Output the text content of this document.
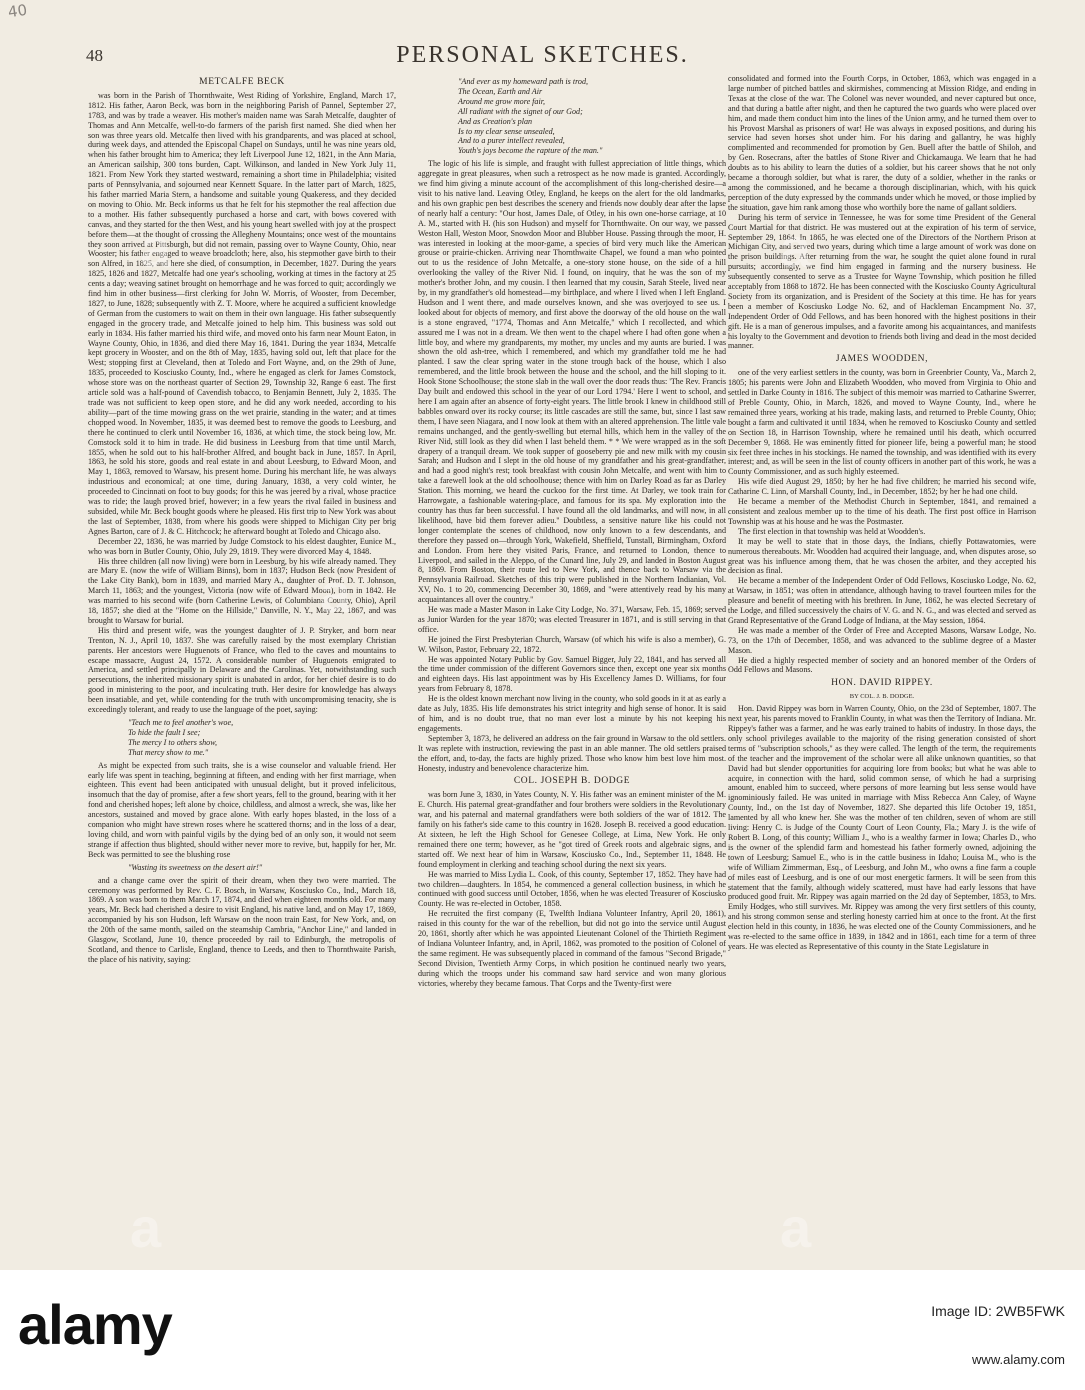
40
48	PERSONAL SKETCHES.
METCALFE BECK

was born in the Parish of Thornthwaite, West Riding of Yorkshire, England, March 17, 1812. His father, Aaron Beck, was born in the neighboring Parish of Pannel, September 27, 1783, and was by trade a weaver. His mother's maiden name was Sarah Metcalfe, daughter of Thomas and Ann Metcalfe, well-to-do farmers of the parish first named. She died when her son was three years old. Metcalfe then lived with his grandparents, and was placed at school, during week days, and attended the Episcopal Chapel on Sundays, until he was nine years old, when his father brought him to America; they left Liverpool June 12, 1821, in the Ann Maria, an American sailship, 300 tons burden, Capt. Wilkinson, and landed in New York July 11, 1821. From New York they started westward, remaining a short time in Philadelphia; visited parts of Pennsylvania, and sojourned near Kennett Square. In the latter part of March, 1825, his father married Maria Stern, a handsome and suitable young Quakeress, and they decided on moving to Ohio. Mr. Beck informs us that he felt for his stepmother the real affection due to a mother. His father subsequently purchased a horse and cart, with bows covered with canvas, and they started for the then West, and his young heart swelled with joy at the prospect before them—at the thought of crossing the Allegheny Mountains; once west of the mountains they soon arrived at Pittsburgh, but did not remain, passing over to Wayne County, Ohio, near Wooster; his father engaged to weave broadcloth; here, also, his stepmother gave birth to their son Alfred, in 1825, and here she died, of consumption, in December, 1827. During the years 1825, 1826 and 1827, Metcalfe had one year's schooling, working at times in the factory at 25 cents a day; weaving satinet brought on hemorrhage and he was forced to quit; accordingly we find him in other business—first clerking for John W. Morris, of Wooster, from December, 1827, to June, 1828; subsequently with Z. T. Moore, where he acquired a sufficient knowledge of German from the customers to wait on them in their own language. His father subsequently engaged in the grocery trade, and Metcalfe joined to help him. This business was sold out early in 1834. His father married his third wife, and moved onto his farm near Mount Eaton, in Wayne County, Ohio, in 1836, and died there May 16, 1841. During the year 1834, Metcalfe kept grocery in Wooster, and on the 8th of May, 1835, having sold out, left that place for the West; stopping first at Cleveland, then at Toledo and Fort Wayne, and, on the 29th of June, 1835, proceeded to Kosciusko County, Ind., where he engaged as clerk for James Comstock, whose store was on the northeast quarter of Section 29, Township 32, Range 6 east. The first article sold was a half-pound of Cavendish tobacco, to Benjamin Bennett, July 2, 1835. The trade was not sufficient to keep open store, and he did any work needed, according to his ability—part of the time mowing grass on the wet prairie, standing in the water; and at times chopped wood. In November, 1835, it was deemed best to remove the goods to Leesburg, and there he continued to clerk until November 16, 1836, at which time, the stock being low, Mr. Comstock sold it to him in trade. He did business in Leesburg from that time until March, 1855, when he sold out to his half-brother Alfred, and bought back in June, 1857. In April, 1863, he sold his store, goods and real estate in and about Leesburg, to Edward Moon, and May 1, 1863, removed to Warsaw, his present home. During his merchant life, he was always industrious and economical; at one time, during January, 1838, a very cold winter, he proceeded to Cincinnati on foot to buy goods; for this he was jeered by a rival, whose practice was to ride; the laugh proved brief, however; in a few years the rival failed in business and subsided, while Mr. Beck bought goods where he pleased. His first trip to New York was about the last of September, 1838, from where his goods were shipped to Michigan City per brig Agnes Barton, care of J. & C. Hitchcock; he afterward bought at Toledo and Chicago also.

December 22, 1836, he was married by Judge Comstock to his eldest daughter, Eunice M., who was born in Butler County, Ohio, July 29, 1819. They were divorced May 4, 1848.

His three children (all now living) were born in Leesburg, by his wife already named. They are Mary E. (now the wife of William Binns), born in 1837; Hudson Beck (now President of the Lake City Bank), born in 1839, and married Mary A., daughter of Prof. D. T. Johnson, March 11, 1863; and the youngest, Victoria (now wife of Edward Moon), born in 1842. He was married to his second wife (born Catherine Lewis, of Columbiana County, Ohio), April 18, 1857; she died at the "Home on the Hillside," Danville, N. Y., May 22, 1867, and was brought to Warsaw for burial.

His third and present wife, was the youngest daughter of J. P. Stryker, and born near Trenton, N. J., April 10, 1837. She was carefully raised by the most exemplary Christian parents. Her ancestors were Huguenots of France, who fled to the caves and mountains to escape massacre, August 24, 1572. A considerable number of Huguenots emigrated to America, and settled principally in Delaware and the Carolinas. Yet, notwithstanding such persecutions, the inherited missionary spirit is unabated in ardor, for her chief desire is to do good in ministering to the poor, and inculcating truth. Her desire for knowledge has always been insatiable, and yet, while contending for the truth with uncompromising tenacity, she is exceedingly tolerant, and ready to use the language of the poet, saying:

"Teach me to feel another's woe,
To hide the fault I see;
The mercy I to others show,
That mercy show to me."

As might be expected from such traits, she is a wise counselor and valuable friend. Her early life was spent in teaching, beginning at fifteen, and ending with her first marriage, when eighteen. This event had been anticipated with unusual delight, but it proved infelicitous, insomuch that the day of promise, after a few short years, fell to the ground, bearing with it her fond and cherished hopes; left alone by choice, childless, and almost a wreck, she was, like her ancestors, sustained and moved by grace alone. With early hopes blasted, in the loss of a companion who might have strewn roses where he scattered thorns; and in the loss of a dear, loving child, and worn with painful vigils by the dying bed of an only son, it would not seem strange if affection thus blighted, should wither never more to revive, but, happily for her, Mr. Beck was permitted to see the blushing rose

"Wasting its sweetness on the desert air!"

and a change came over the spirit of their dream, when they two were married. The ceremony was performed by Rev. C. F. Bosch, in Warsaw, Kosciusko Co., Ind., March 18, 1869. A son was born to them March 17, 1874, and died when eighteen months old. For many years, Mr. Beck had cherished a desire to visit England, his native land, and on May 17, 1869, accompanied by his son Hudson, left Warsaw on the noon train East, for New York, and, on the 20th of the same month, sailed on the steamship Cambria, "Anchor Line," and landed in Glasgow, Scotland, June 10, thence proceeded by rail to Edinburgh, the metropolis of Scotland, and thence to Carlisle, England, thence to Leeds, and then to Thornthwaite Parish, the place of his nativity, saying:

"And ever as my homeward path is trod,
The Ocean, Earth and Air
Around me grow more fair,
All radiant with the signet of our God;
And as Creation's plan
Is to my clear sense unsealed,
And to a purer intellect revealed,
Youth's joys become the rapture of the man."

The logic of his life is simple, and fraught with fullest appreciation of little things, which aggregate in great pleasures, when such a retrospect as he now made is granted. Accordingly, we find him giving a minute account of the accomplishment of this long-cherished desire—a visit to his native land. Leaving Otley, England, he keeps on the alert for the old landmarks, and his own graphic pen best describes the scenery and friends now doubly dear after the lapse of nearly half a century: "Our host, James Dale, of Otley, in his own one-horse carriage, at 10 A. M., started with H. (his son Hudson) and myself for Thornthwaite. On our way, we passed Weston Hall, Weston Moor, Snowdon Moor and Blubber House. Passing through the moor, H. was interested in looking at the moor-game, a species of bird very much like the American grouse or prairie-chicken. Arriving near Thornthwaite Chapel, we found a man who pointed out to us the residence of John Metcalfe, a one-story stone house, on the side of a hill overlooking the valley of the River Nid. I found, on inquiry, that he was the son of my mother's brother John, and my cousin. I then learned that my cousin, Sarah Steele, lived near by, in my grandfather's old homestead—my birthplace, and where I lived when I left England. Hudson and I went there, and made ourselves known, and she was overjoyed to see us. I looked about for objects of memory, and first above the doorway of the old house on the wall is a stone engraved, "1774, Thomas and Ann Metcalfe," which I recollected, and which assured me I was not in a dream. We then went to the chapel where I had often gone when a little boy, and where my grandparents, my mother, my uncles and my aunts are buried. I was shown the old ash-tree, which I remembered, and which my grandfather told me he had planted. I saw the clear spring water in the stone trough back of the house, which I also remembered, and the little brook between the house and the school, and the hill sloping to it. Hook Stone Schoolhouse; the stone slab in the wall over the door reads thus: 'The Rev. Francis Day built and endowed this school in the year of our Lord 1794.' Here I went to school, and here I am again after an absence of forty-eight years. The little brook I knew in childhood still babbles onward over its rocky course; its little cascades are still the same, but, since I last saw them, I have seen Niagara, and I now look at them with an altered apprehension. The little vale remains unchanged, and the gently-swelling but eternal hills, which hem in the valley of the River Nid, still look as they did when I last beheld them. * * We were wrapped as in the soft drapery of a tranquil dream. We took supper of gooseberry pie and new milk with my cousin Sarah; and Hudson and I slept in the old house of my grandfather and his great-grandfather, and had a good night's rest; took breakfast with cousin John Metcalfe, and went with him to take a farewell look at the old schoolhouse; thence with him on Darley Road as far as Darley Station. This morning, we heard the cuckoo for the first time. At Darley, we took train for Harrowgate, a fashionable watering-place, and famous for its spa. My exploration into the country has thus far been successful. I have found all the old landmarks, and will now, in all likelihood, have bid them forever adieu." Doubtless, a sensitive nature like his could not longer contemplate the scenes of childhood, now only known to a few descendants, and therefore they passed on—through York, Wakefield, Sheffield, Tunstall, Birmingham, Oxford and London. From here they visited Paris, France, and returned to London, thence to Liverpool, and sailed in the Aleppo, of the Cunard line, July 29, and landed in Boston August 8, 1869. From Boston, their route led to New York, and thence back to Warsaw via the Pennsylvania Railroad. Sketches of this trip were published in the Northern Indianian, Vol. XV, No. 1 to 20, commencing December 30, 1869, and "were attentively read by his many acquaintances all over the country."

He was made a Master Mason in Lake City Lodge, No. 371, Warsaw, Feb. 15, 1869; served as Junior Warden for the year 1870; was elected Treasurer in 1871, and is still serving in that office.

He joined the First Presbyterian Church, Warsaw (of which his wife is also a member), G. W. Wilson, Pastor, February 22, 1872.

He was appointed Notary Public by Gov. Samuel Bigger, July 22, 1841, and has served all the time under commission of the different Governors since then, except one year six months and eighteen days. His last appointment was by His Excellency James D. Williams, for four years from February 8, 1878.

He is the oldest known merchant now living in the county, who sold goods in it at as early a date as July, 1835. His life demonstrates his strict integrity and high sense of honor. It is said of him, and is no doubt true, that no man ever lost a minute by his not keeping his engagements.

September 3, 1873, he delivered an address on the fair ground in Warsaw to the old settlers. It was replete with instruction, reviewing the past in an able manner. The old settlers praised the effort, and, to-day, the facts are highly prized. Those who know him best love him most. Honesty, industry and benevolence characterize him.

COL. JOSEPH B. DODGE

was born June 3, 1830, in Yates County, N. Y. His father was an eminent minister of the M. E. Church. His paternal great-grandfather and four brothers were soldiers in the Revolutionary war, and his paternal and maternal grandfathers were both soldiers of the war of 1812. The family on his father's side came to this country in 1628. Joseph B. received a good education. At sixteen, he left the High School for Genesee College, at Lima, New York. He only remained there one term; however, as he "got tired of Greek roots and algebraic signs, and started off. We next hear of him in Warsaw, Kosciusko Co., Ind., September 11, 1848. He found employment in clerking and teaching school during the next six years.

He was married to Miss Lydia L. Cook, of this county, September 17, 1852. They have had two children—daughters. In 1854, he commenced a general collection business, in which he continued with good success until October, 1856, when he was elected Treasurer of Kosciusko County. He was re-elected in October, 1858.

He recruited the first company (E, Twelfth Indiana Volunteer Infantry, April 20, 1861), raised in this county for the war of the rebellion, but did not go into the service until August 20, 1861, shortly after which he was appointed Lieutenant Colonel of the Thirtieth Regiment of Indiana Volunteer Infantry, and, in April, 1862, was promoted to the position of Colonel of the same regiment. He was subsequently placed in command of the famous "Second Brigade," Second Division, Twentieth Army Corps, in which position he continued nearly two years, during which the troops under his command saw hard service and won many glorious victories, whereby they became famous. That Corps and the Twenty-first were

consolidated and formed into the Fourth Corps, in October, 1863, which was engaged in a large number of pitched battles and skirmishes, commencing at Mission Ridge, and ending in Texas at the close of the war. The Colonel was never wounded, and never captured but once, and that during a battle after night, and then he captured the two guards who were placed over him, and made them conduct him into the lines of the Union army, and he turned them over to his Provost Marshal as prisoners of war! He was always in exposed positions, and during his service had seven horses shot under him. For his daring and gallantry, he was highly complimented and recommended for promotion by Gen. Buell after the battle of Shiloh, and by Gen. Rosecrans, after the battles of Stone River and Chickamauga. We learn that he had doubts as to his ability to learn the duties of a soldier, but his career shows that he not only became a thorough soldier, but what is rarer, the duty of a soldier, whether in the ranks or among the commissioned, and he became a thorough disciplinarian, which, with his quick perception of the duty expressed by the commands under which he moved, or those implied by the situation, gave him rank among those who worthily bore the name of gallant soldiers.

During his term of service in Tennessee, he was for some time President of the General Court Martial for that district. He was mustered out at the expiration of his term of service, September 29, 1864. In 1865, he was elected one of the Directors of the Northern Prison at Michigan City, and served two years, during which time a large amount of work was done on the prison buildings. After returning from the war, he sought the quiet alone found in rural pursuits; accordingly, we find him engaged in farming and the nursery business. He subsequently consented to serve as a Trustee for Wayne Township, which position he filled acceptably from 1868 to 1872. He has been connected with the Kosciusko County Agricultural Society from its organization, and is President of the Society at this time. He has for years been a member of Kosciusko Lodge No. 62, and of Hackleman Encampment No. 37, Independent Order of Odd Fellows, and has been honored with the highest positions in their gift. He is a man of generous impulses, and a favorite among his acquaintances, and manifests his loyalty to the Government and devotion to friends both living and dead in the most decided manner.

JAMES WOODDEN,

one of the very earliest settlers in the county, was born in Greenbrier County, Va., March 2, 1805; his parents were John and Elizabeth Woodden, who moved from Virginia to Ohio and settled in Darke County in 1816. The subject of this memoir was married to Catharine Swerrer, of Preble County, Ohio, in March, 1826, and moved to Wayne County, Ind., where he remained three years, working at his trade, making lasts, and returned to Preble County, Ohio; bought a farm and cultivated it until 1834, when he removed to Kosciusko County and settled on Section 18, in Harrison Township, where he remained until his death, which occurred December 9, 1868. He was eminently fitted for pioneer life, being a powerful man; he stood six feet three inches in his stockings. He named the township, and was identified with its every interest; and, as will be seen in the list of county officers in another part of this work, he was a County Commissioner, and as such highly esteemed.

His wife died August 29, 1850; by her he had five children; he married his second wife, Catharine C. Linn, of Marshall County, Ind., in December, 1852; by her he had one child.

He became a member of the Methodist Church in September, 1841, and remained a consistent and zealous member up to the time of his death. The first post office in Harrison Township was at his house and he was the Postmaster.

The first election in that township was held at Woodden's.

It may be well to state that in those days, the Indians, chiefly Pottawatomies, were numerous thereabouts. Mr. Woodden had acquired their language, and, when disputes arose, so great was his influence among them, that he was chosen the arbiter, and they accepted his decision as final.

He became a member of the Independent Order of Odd Fellows, Kosciusko Lodge, No. 62, at Warsaw, in 1851; was often in attendance, although having to travel fourteen miles for the pleasure and benefit of meeting with his brethren. In June, 1862, he was elected Secretary of the Lodge, and filled successively the chairs of V. G. and N. G., and was elected and served as Grand Representative of the Grand Lodge of Indiana, at the May session, 1864.

He was made a member of the Order of Free and Accepted Masons, Warsaw Lodge, No. 73, on the 17th of December, 1858, and was advanced to the sublime degree of a Master Mason.

He died a highly respected member of society and an honored member of the Orders of Odd Fellows and Masons.

HON. DAVID RIPPEY.
BY COL. J. B. DODGE.

Hon. David Rippey was born in Warren County, Ohio, on the 23d of September, 1807. The next year, his parents moved to Franklin County, in what was then the Territory of Indiana. Mr. Rippey's father was a farmer, and he was early trained to habits of industry. In those days, the only school privileges available to the majority of the rising generation consisted of short terms of "subscription schools," as they were called. The length of the term, the requirements of the teacher and the improvement of the scholar were all alike unknown quantities, so that David had but slender opportunities for acquiring lore from books; but what he was able to acquire, in connection with the hard, solid common sense, of which he had a surprising amount, enabled him to succeed, where persons of more learning but less sense would have ignominiously failed. He was united in marriage with Miss Rebecca Ann Caley, of Wayne County, Ind., on the 1st day of November, 1827. She departed this life October 19, 1851, lamented by all who knew her. She was the mother of ten children, seven of whom are still living: Henry C. is Judge of the County Court of Leon County, Fla.; Mary J. is the wife of Robert B. Long, of this county; William J., who is a wealthy farmer in Iowa; Charles D., who is the owner of the splendid farm and homestead his father formerly owned, adjoining the town of Leesburg; Samuel E., who is in the cattle business in Idaho; Louisa M., who is the wife of William Zimmerman, Esq., of Leesburg, and John M., who owns a fine farm a couple of miles east of Leesburg, and is one of our most energetic farmers. It will be seen from this statement that the family, although widely scattered, must have had early lessons that have produced good fruit. Mr. Rippey was again married on the 2d day of September, 1853, to Mrs. Emily Hodges, who still survives. Mr. Rippey was among the very first settlers of this county, and his strong common sense and sterling honesty carried him at once to the front. At the first election held in this county, in 1836, he was elected one of the County Commissioners, and he was re-elected to the same office in 1839, in 1842 and in 1861, each time for a term of three years. He was elected as Representative of this county in the State Legislature in

a	a
a
a	a
alamy	Image ID: 2WB5FWK
www.alamy.com
